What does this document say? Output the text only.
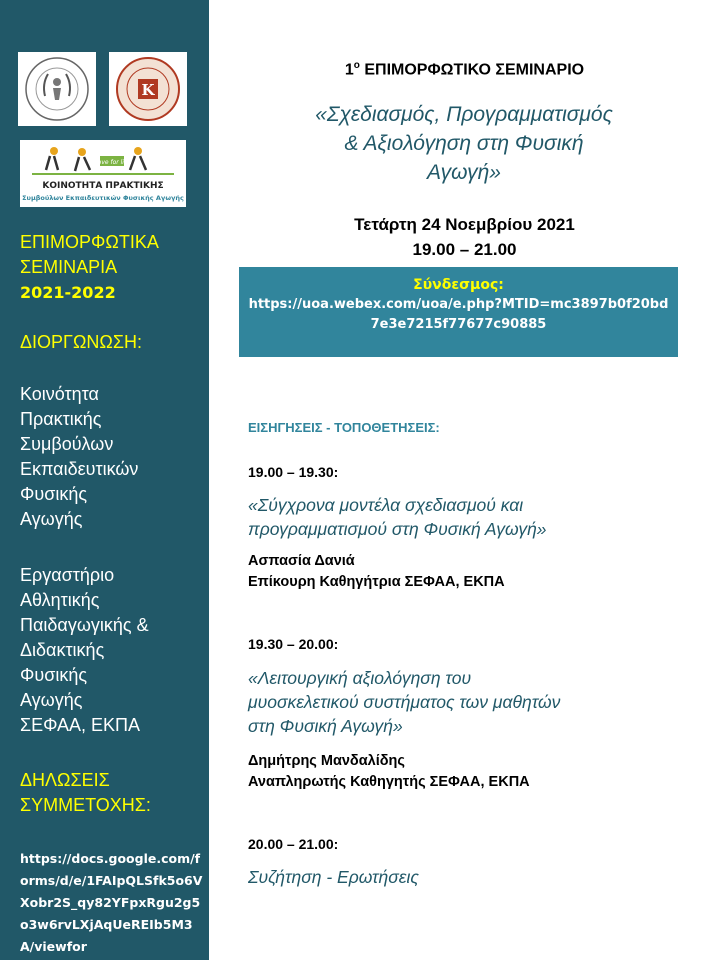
Κ
move for life!
ΚΟΙΝΟΤΗΤΑ ΠΡΑΚΤΙΚΗΣ
Συμβούλων Εκπαιδευτικών Φυσικής Αγωγής
ΕΠΙΜΟΡΦΩΤΙΚΑ
ΣΕΜΙΝΑΡΙΑ
2021-2022
ΔΙΟΡΓΩΝΩΣΗ:
Κοινότητα
Πρακτικής
Συμβούλων
Εκπαιδευτικών
Φυσικής
Αγωγής
Εργαστήριο
Αθλητικής
Παιδαγωγικής &
Διδακτικής
Φυσικής
Αγωγής
ΣΕΦΑΑ, ΕΚΠΑ
ΔΗΛΩΣΕΙΣ
ΣΥΜΜΕΤΟΧΗΣ:
https://docs.google.com/forms/d/e/1FAIpQLSfk5o6VXobr2S_qy82YFpxRgu2g5o3w6rvLXjAqUeREIb5M3A/viewfor
$1^o$ ΕΠΙΜΟΡΦΩΤΙΚΟ ΣΕΜΙΝΑΡΙΟ
«Σχεδιασμός, Προγραμματισμός
& Αξιολόγηση στη Φυσική
Αγωγή»
Τετάρτη 24 Νοεμβρίου 2021
19.00 – 21.00
Σύνδεσμος:
https://uoa.webex.com/uoa/e.php?MTID=mc3897b0f20bd7e3e7215f77677c90885
ΕΙΣΗΓΗΣΕΙΣ - ΤΟΠΟΘΕΤΗΣΕΙΣ:
19.00 – 19.30:
«Σύγχρονα μοντέλα σχεδιασμού και
προγραμματισμού στη Φυσική Αγωγή»
Ασπασία Δανιά
Επίκουρη Καθηγήτρια ΣΕΦΑΑ, ΕΚΠΑ
19.30 – 20.00:
«Λειτουργική αξιολόγηση του
μυοσκελετικού συστήματος των μαθητών
στη Φυσική Αγωγή»
Δημήτρης Μανδαλίδης
Αναπληρωτής Καθηγητής ΣΕΦΑΑ, ΕΚΠΑ
20.00 – 21.00:
Συζήτηση - Ερωτήσεις
